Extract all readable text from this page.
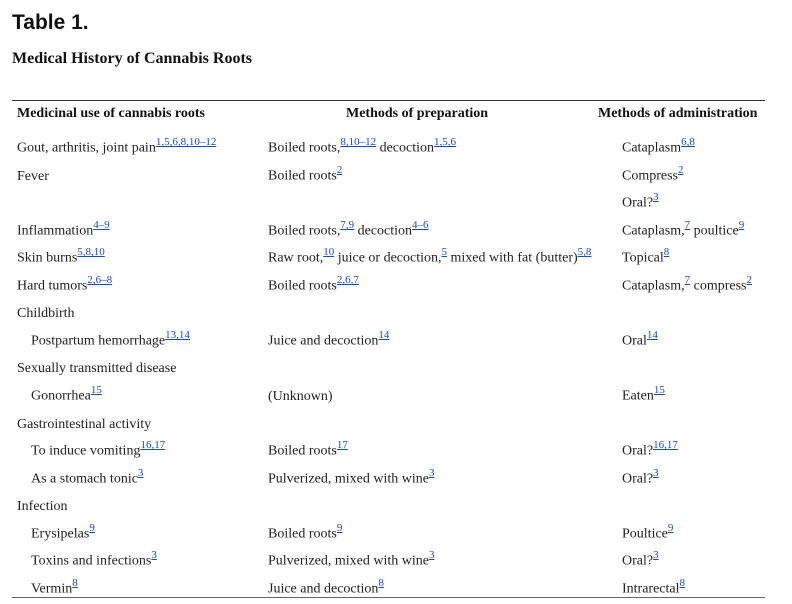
Table 1.
Medical History of Cannabis Roots
Medicinal use of cannabis roots	Methods of preparation	Methods of administration
Gout, arthritis, joint pain$^{1,5,6,8,10-12}$	Boiled roots,$^{8,10-12}$ decoction$^{1,5,6}$	Cataplasm$^{6,8}$
Fever	Boiled roots$^2$	Compress$^2$
		Oral?$^3$
Inflammation$^{4-9}$	Boiled roots,$^{7,9}$ decoction$^{4-6}$	Cataplasm,$^7$ poultice$^9$
Skin burns$^{5,8,10}$	Raw root,$^{10}$ juice or decoction,$^5$ mixed with fat (butter)$^{5,8}$	Topical$^8$
Hard tumors$^{2,6-8}$	Boiled roots$^{2,6,7}$	Cataplasm,$^7$ compress$^2$
Childbirth		
Postpartum hemorrhage$^{13,14}$	Juice and decoction$^{14}$	Oral$^{14}$
Sexually transmitted disease		
Gonorrhea$^{15}$	(Unknown)	Eaten$^{15}$
Gastrointestinal activity		
To induce vomiting$^{16,17}$	Boiled roots$^{17}$	Oral?$^{16,17}$
As a stomach tonic$^3$	Pulverized, mixed with wine$^3$	Oral?$^3$
Infection		
Erysipelas$^9$	Boiled roots$^9$	Poultice$^9$
Toxins and infections$^3$	Pulverized, mixed with wine$^3$	Oral?$^3$
Vermin$^8$	Juice and decoction$^8$	Intrarectal$^8$
